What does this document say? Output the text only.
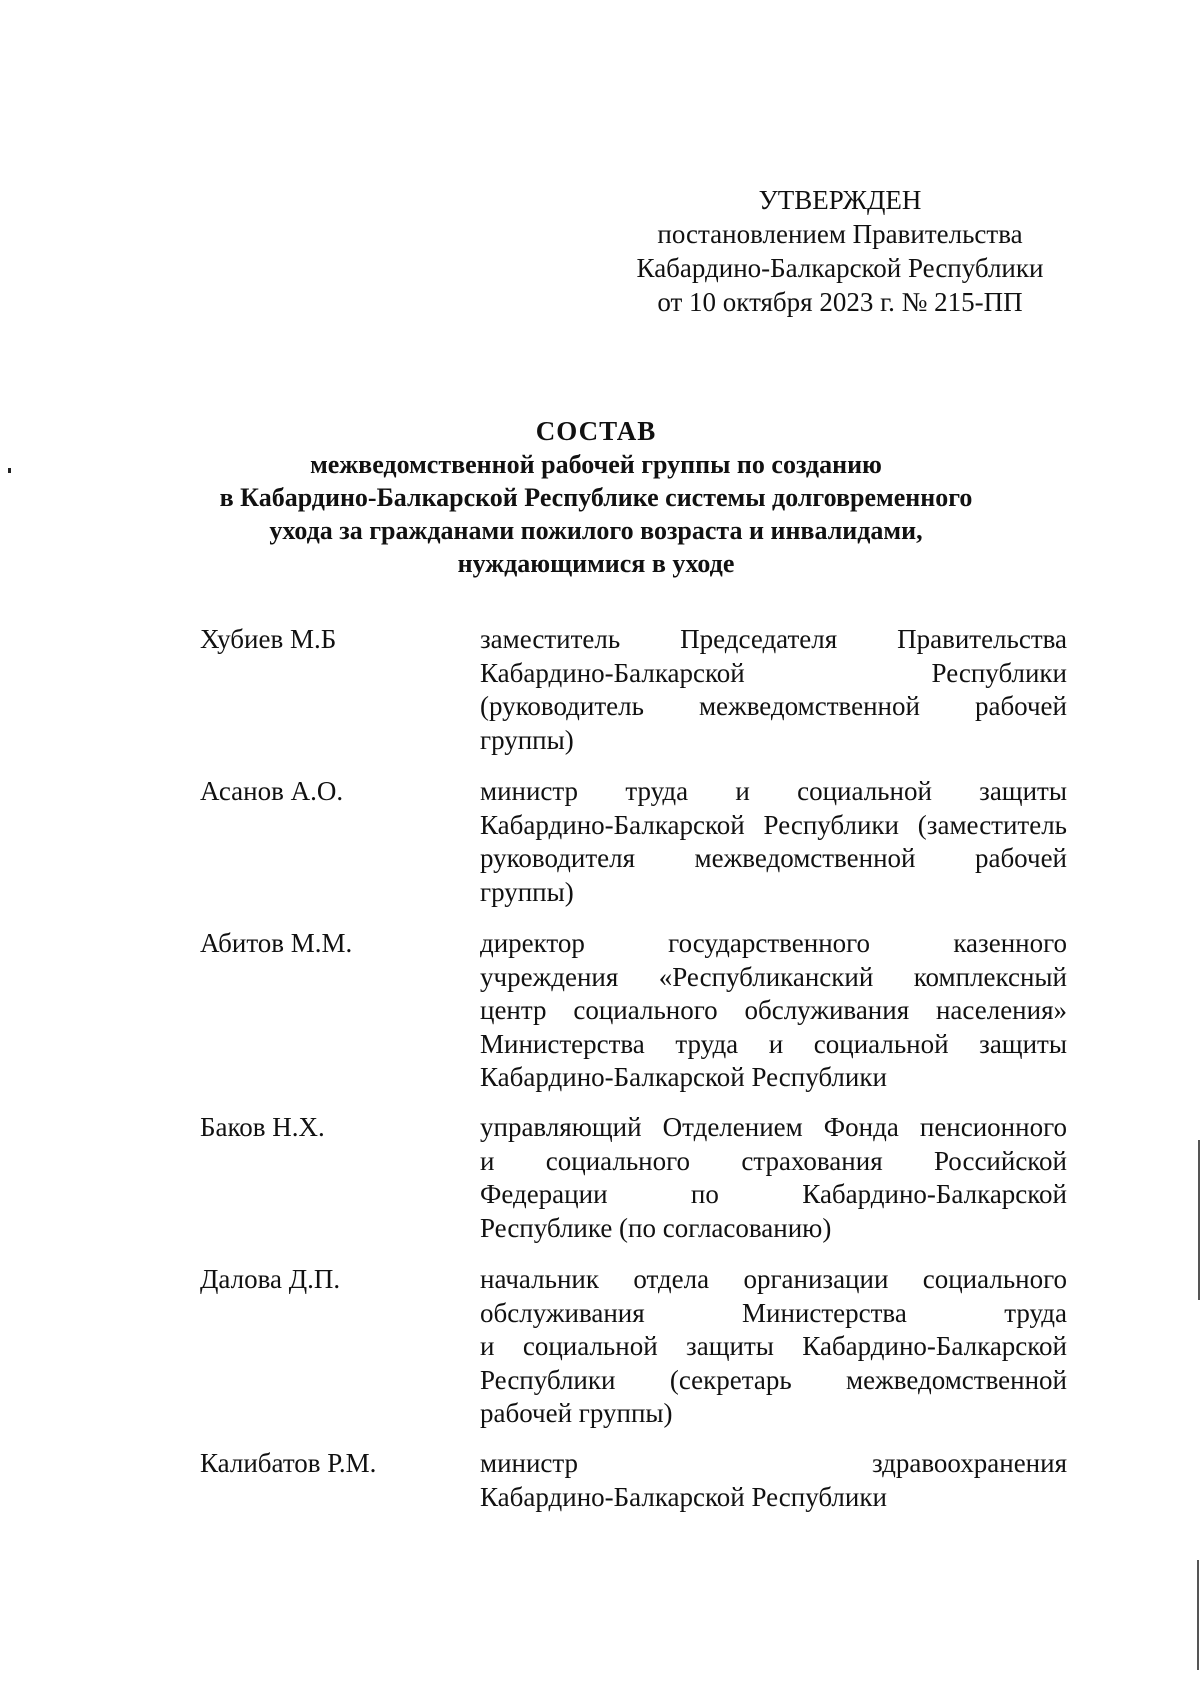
УТВЕРЖДЕН
постановлением Правительства
Кабардино-Балкарской Республики
от 10 октября 2023 г. № 215-ПП
СОСТАВ
межведомственной рабочей группы по созданию
в Кабардино-Балкарской Республике системы долговременного
ухода за гражданами пожилого возраста и инвалидами,
нуждающимися в уходе
Хубиев М.Б	заместитель Председателя Правительства
Кабардино-Балкарской Республики
(руководитель межведомственной рабочей
группы)
Асанов А.О.	министр труда и социальной защиты
Кабардино-Балкарской Республики (заместитель
руководителя межведомственной рабочей
группы)
Абитов М.М.	директор государственного казенного
учреждения «Республиканский комплексный
центр социального обслуживания населения»
Министерства труда и социальной защиты
Кабардино-Балкарской Республики
Баков Н.Х.	управляющий Отделением Фонда пенсионного
и социального страхования Российской
Федерации по Кабардино-Балкарской
Республике (по согласованию)
Далова Д.П.	начальник отдела организации социального
обслуживания Министерства труда
и социальной защиты Кабардино-Балкарской
Республики (секретарь межведомственной
рабочей группы)
Калибатов Р.М.	министр здравоохранения
Кабардино-Балкарской Республики
